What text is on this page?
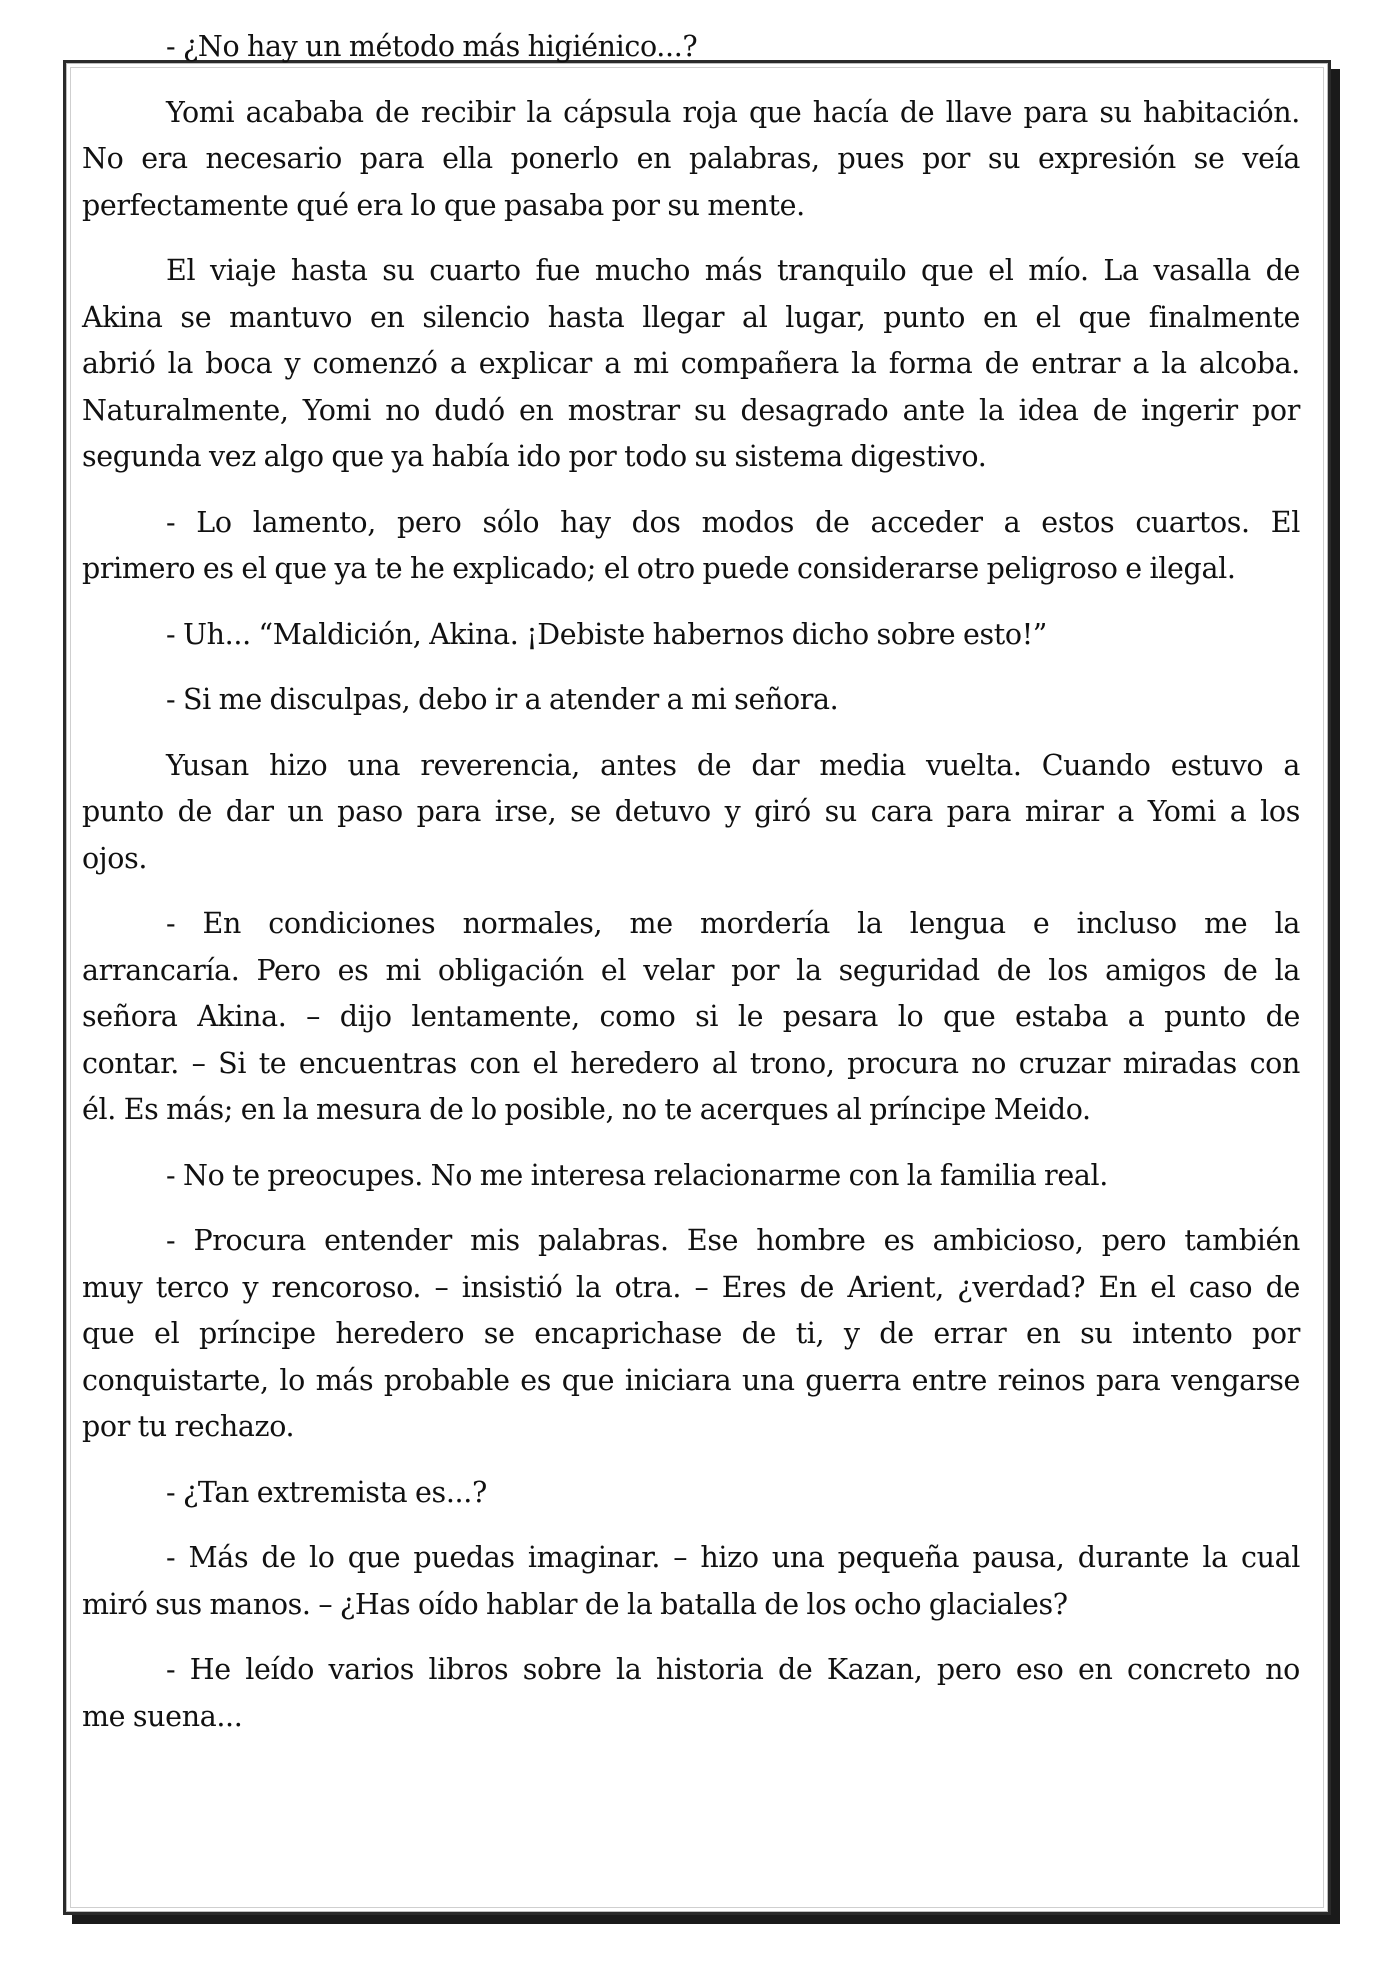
- ¿No hay un método más higiénico...?
Yomi acababa de recibir la cápsula roja que hacía de llave para su habitación.
No era necesario para ella ponerlo en palabras, pues por su expresión se veía
perfectamente qué era lo que pasaba por su mente.
El viaje hasta su cuarto fue mucho más tranquilo que el mío. La vasalla de
Akina se mantuvo en silencio hasta llegar al lugar, punto en el que finalmente
abrió la boca y comenzó a explicar a mi compañera la forma de entrar a la alcoba.
Naturalmente, Yomi no dudó en mostrar su desagrado ante la idea de ingerir por
segunda vez algo que ya había ido por todo su sistema digestivo.
- Lo lamento, pero sólo hay dos modos de acceder a estos cuartos. El
primero es el que ya te he explicado; el otro puede considerarse peligroso e ilegal.
- Uh... “Maldición, Akina. ¡Debiste habernos dicho sobre esto!”
- Si me disculpas, debo ir a atender a mi señora.
Yusan hizo una reverencia, antes de dar media vuelta. Cuando estuvo a
punto de dar un paso para irse, se detuvo y giró su cara para mirar a Yomi a los
ojos.
- En condiciones normales, me mordería la lengua e incluso me la
arrancaría. Pero es mi obligación el velar por la seguridad de los amigos de la
señora Akina. – dijo lentamente, como si le pesara lo que estaba a punto de
contar. – Si te encuentras con el heredero al trono, procura no cruzar miradas con
él. Es más; en la mesura de lo posible, no te acerques al príncipe Meido.
- No te preocupes. No me interesa relacionarme con la familia real.
- Procura entender mis palabras. Ese hombre es ambicioso, pero también
muy terco y rencoroso. – insistió la otra. – Eres de Arient, ¿verdad? En el caso de
que el príncipe heredero se encaprichase de ti, y de errar en su intento por
conquistarte, lo más probable es que iniciara una guerra entre reinos para vengarse
por tu rechazo.
- ¿Tan extremista es...?
- Más de lo que puedas imaginar. – hizo una pequeña pausa, durante la cual
miró sus manos. – ¿Has oído hablar de la batalla de los ocho glaciales?
- He leído varios libros sobre la historia de Kazan, pero eso en concreto no
me suena...
